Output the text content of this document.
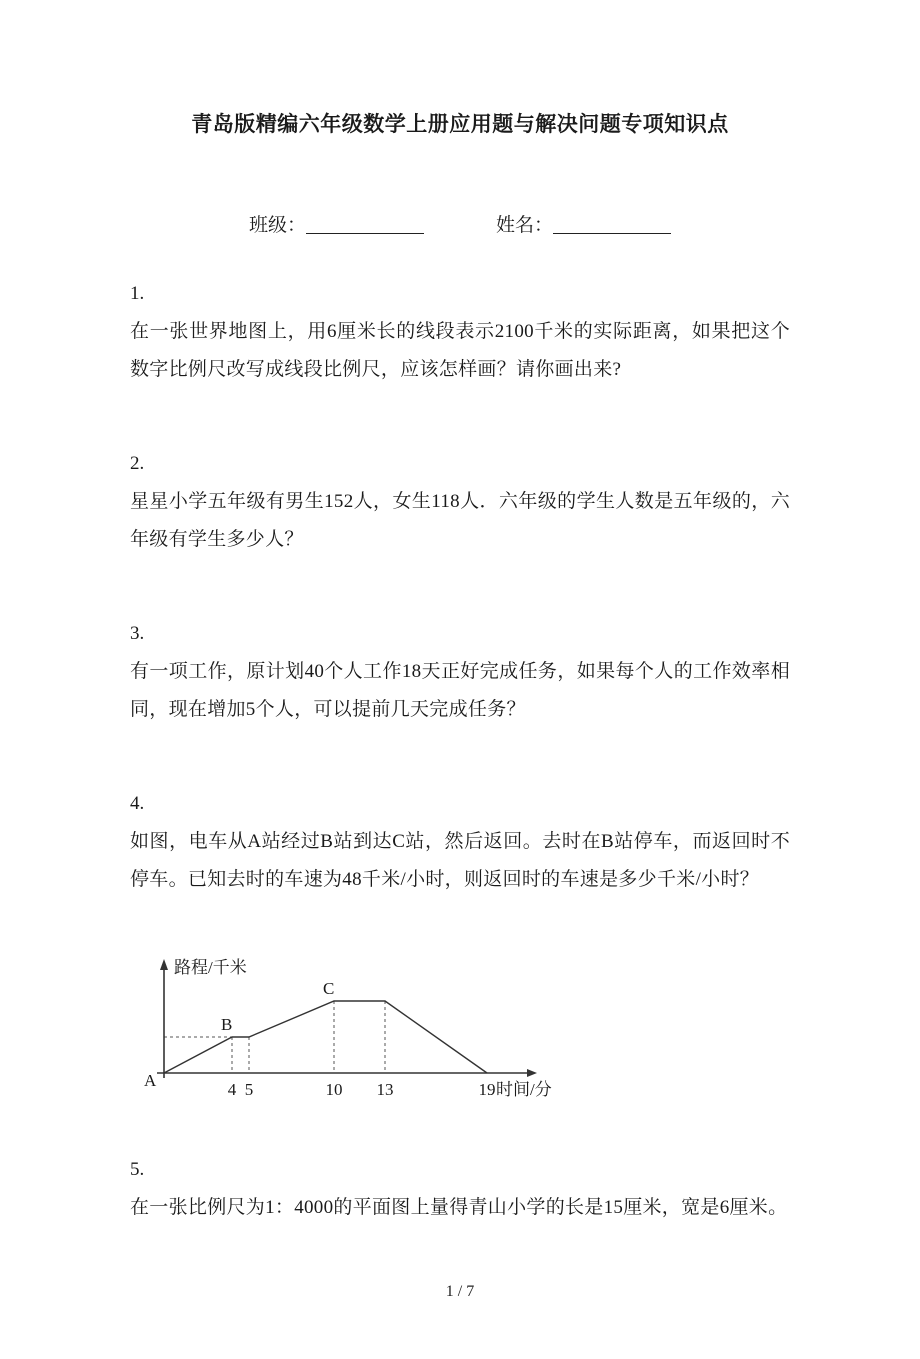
青岛版精编六年级数学上册应用题与解决问题专项知识点
班级：	姓名：
1.

在一张世界地图上，用6厘米长的线段表示2100千米的实际距离，如果把这个数字比例尺改写成线段比例尺，应该怎样画？请你画出来?

2.

星星小学五年级有男生152人，女生118人．六年级的学生人数是五年级的，六年级有学生多少人？

3.

有一项工作，原计划40个人工作18天正好完成任务，如果每个人的工作效率相同，现在增加5个人，可以提前几天完成任务？

4.

如图，电车从A站经过B站到达C站，然后返回。去时在B站停车，而返回时不停车。已知去时的车速为48千米/小时，则返回时的车速是多少千米/小时？

路程/千米
A
B
C
4 5	10 13	19 时间/分
5.

在一张比例尺为1：4000的平面图上量得青山小学的长是15厘米，宽是6厘米。

1 / 7
